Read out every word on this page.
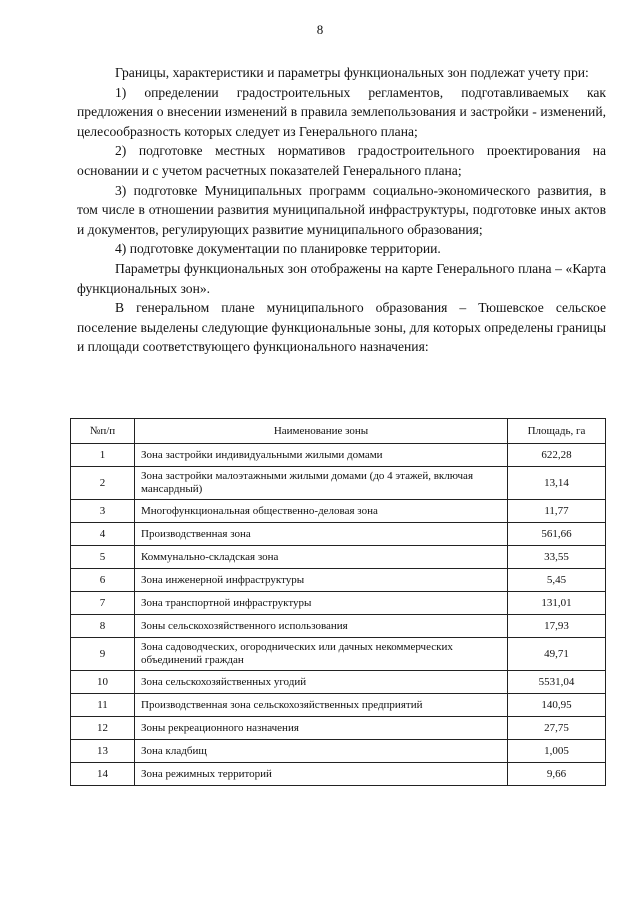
8

Границы, характеристики и параметры функциональных зон подлежат учету при:

1) определении градостроительных регламентов, подготавливаемых как предложения о внесении изменений в правила землепользования и застройки - изменений, целесообразность которых следует из Генерального плана;

2) подготовке местных нормативов градостроительного проектирования на основании и с учетом расчетных показателей Генерального плана;

3) подготовке Муниципальных программ социально-экономического развития, в том числе в отношении развития муниципальной инфраструктуры, подготовке иных актов и документов, регулирующих развитие муниципального образования;

4) подготовке документации по планировке территории.

Параметры функциональных зон отображены на карте Генерального плана – «Карта функциональных зон».

В генеральном плане муниципального образования – Тюшевское сельское поселение выделены следующие функциональные зоны, для которых определены границы и площади соответствующего функционального назначения:

№п/п	Наименование зоны	Площадь, га
1	Зона застройки индивидуальными жилыми домами	622,28
2	Зона застройки малоэтажными жилыми домами (до 4 этажей, включая мансардный)	13,14
3	Многофункциональная общественно-деловая зона	11,77
4	Производственная зона	561,66
5	Коммунально-складская зона	33,55
6	Зона инженерной инфраструктуры	5,45
7	Зона транспортной инфраструктуры	131,01
8	Зоны сельскохозяйственного использования	17,93
9	Зона садоводческих, огороднических или дачных некоммерческих объединений граждан	49,71
10	Зона сельскохозяйственных угодий	5531,04
11	Производственная зона сельскохозяйственных предприятий	140,95
12	Зоны рекреационного назначения	27,75
13	Зона кладбищ	1,005
14	Зона режимных территорий	9,66
